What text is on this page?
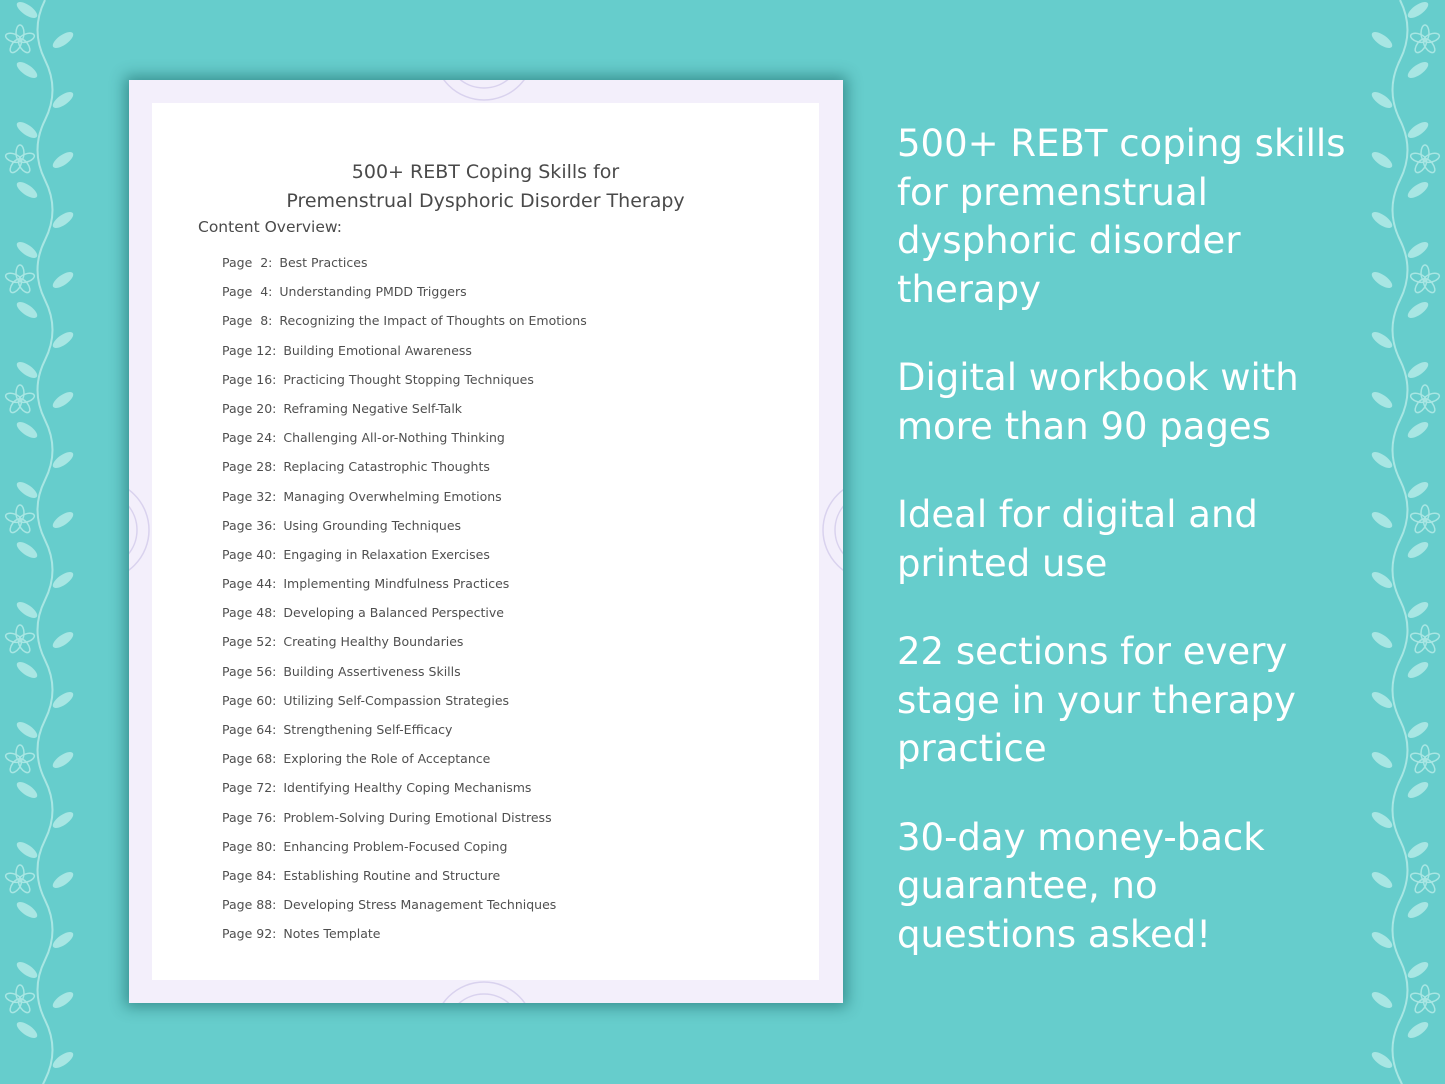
500+ REBT Coping Skills for
Premenstrual Dysphoric Disorder Therapy
Content Overview:
Page  2: Best Practices
Page  4: Understanding PMDD Triggers
Page  8: Recognizing the Impact of Thoughts on Emotions
Page 12: Building Emotional Awareness
Page 16: Practicing Thought Stopping Techniques
Page 20: Reframing Negative Self-Talk
Page 24: Challenging All-or-Nothing Thinking
Page 28: Replacing Catastrophic Thoughts
Page 32: Managing Overwhelming Emotions
Page 36: Using Grounding Techniques
Page 40: Engaging in Relaxation Exercises
Page 44: Implementing Mindfulness Practices
Page 48: Developing a Balanced Perspective
Page 52: Creating Healthy Boundaries
Page 56: Building Assertiveness Skills
Page 60: Utilizing Self-Compassion Strategies
Page 64: Strengthening Self-Efficacy
Page 68: Exploring the Role of Acceptance
Page 72: Identifying Healthy Coping Mechanisms
Page 76: Problem-Solving During Emotional Distress
Page 80: Enhancing Problem-Focused Coping
Page 84: Establishing Routine and Structure
Page 88: Developing Stress Management Techniques
Page 92: Notes Template
500+ REBT coping skills
for premenstrual
dysphoric disorder
therapy
Digital workbook with
more than 90 pages
Ideal for digital and
printed use
22 sections for every
stage in your therapy
practice
30-day money-back
guarantee, no
questions asked!
